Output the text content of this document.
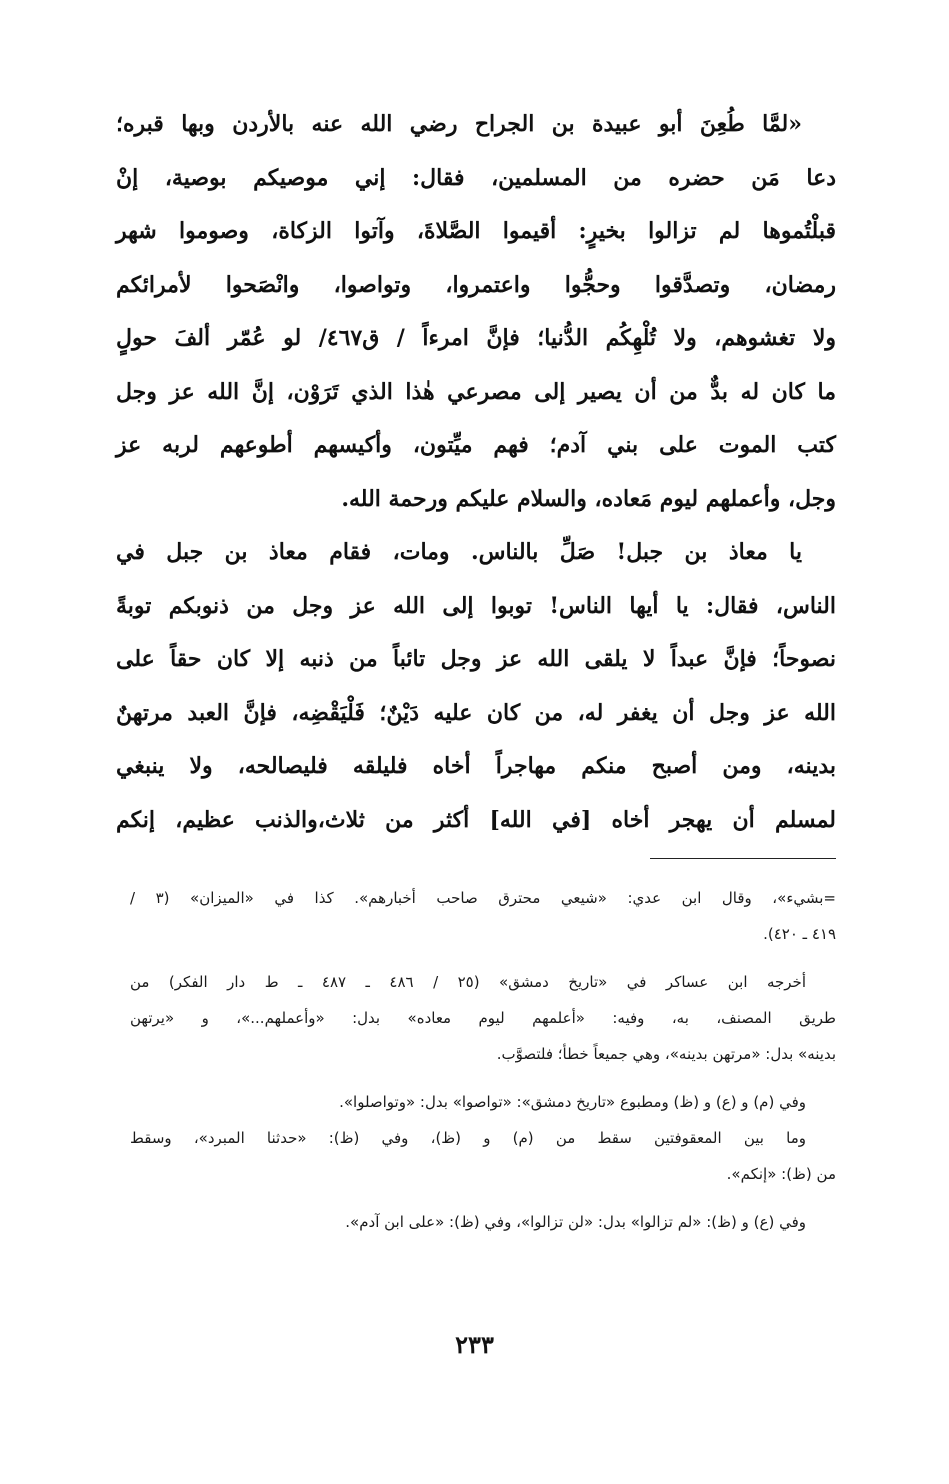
«لمَّا طُعِنَ أبو عبيدة بن الجراح رضي الله عنه بالأردن وبها قبره؛
دعا مَن حضره من المسلمين، فقال: إني موصيكم بوصية، إنْ
قبلْتُموها لم تزالوا بخيرٍ: أقيموا الصَّلاةَ، وآتوا الزكاة، وصوموا شهر
رمضان، وتصدَّقوا وحجُّوا واعتمروا، وتواصوا، وانْصَحوا لأمرائكم
ولا تغشوهم، ولا تُلْهِكُم الدُّنيا؛ فإنَّ امرءاً / ق٤٦٧/ لو عُمّر ألفَ حولٍ
ما كان له بدٌّ من أن يصير إلى مصرعي هٰذا الذي تَرَوْن، إنَّ الله عز وجل
كتب الموت على بني آدم؛ فهم ميِّتون، وأكيسهم أطوعهم لربه عز
وجل، وأعملهم ليوم مَعاده، والسلام عليكم ورحمة الله.

يا معاذ بن جبل! صَلِّ بالناس. ومات، فقام معاذ بن جبل في
الناس، فقال: يا أيها الناس! توبوا إلى الله عز وجل من ذنوبكم توبةً
نصوحاً؛ فإنَّ عبداً لا يلقى الله عز وجل تائباً من ذنبه إلا كان حقاً على
الله عز وجل أن يغفر له، من كان عليه دَيْنٌ؛ فَلْيَقْضِه، فإنَّ العبد مرتهنٌ
بدينه، ومن أصبح منكم مهاجراً أخاه فليلقه فليصالحه، ولا ينبغي
لمسلم أن يهجر أخاه [في الله] أكثر من ثلاث،والذنب عظيم، إنكم

=بشيء»، وقال ابن عدي: «شيعي محترق صاحب أخبارهم». كذا في «الميزان» (٣ /
٤١٩ ـ ٤٢٠).
أخرجه ابن عساكر في «تاريخ دمشق» (٢٥ / ٤٨٦ ـ ٤٨٧ ـ ط دار الفكر) من
طريق المصنف، به، وفيه: «أعلمهم ليوم معاده» بدل: «وأعملهم...»، و «يرتهن
بدينه» بدل: «مرتهن بدينه»، وهي جميعاً خطأ؛ فلتصوَّب.
وفي (م) و (ع) و (ظ) ومطبوع «تاريخ دمشق»: «تواصوا» بدل: «وتواصلوا».
وما بين المعقوفتين سقط من (م) و (ظ)، وفي (ظ): «حدثنا المبرد»، وسقط
من (ظ): «إنكم».
وفي (ع) و (ظ): «لم تزالوا» بدل: «لن تزالوا»، وفي (ظ): «على ابن آدم».
٢٣٣
